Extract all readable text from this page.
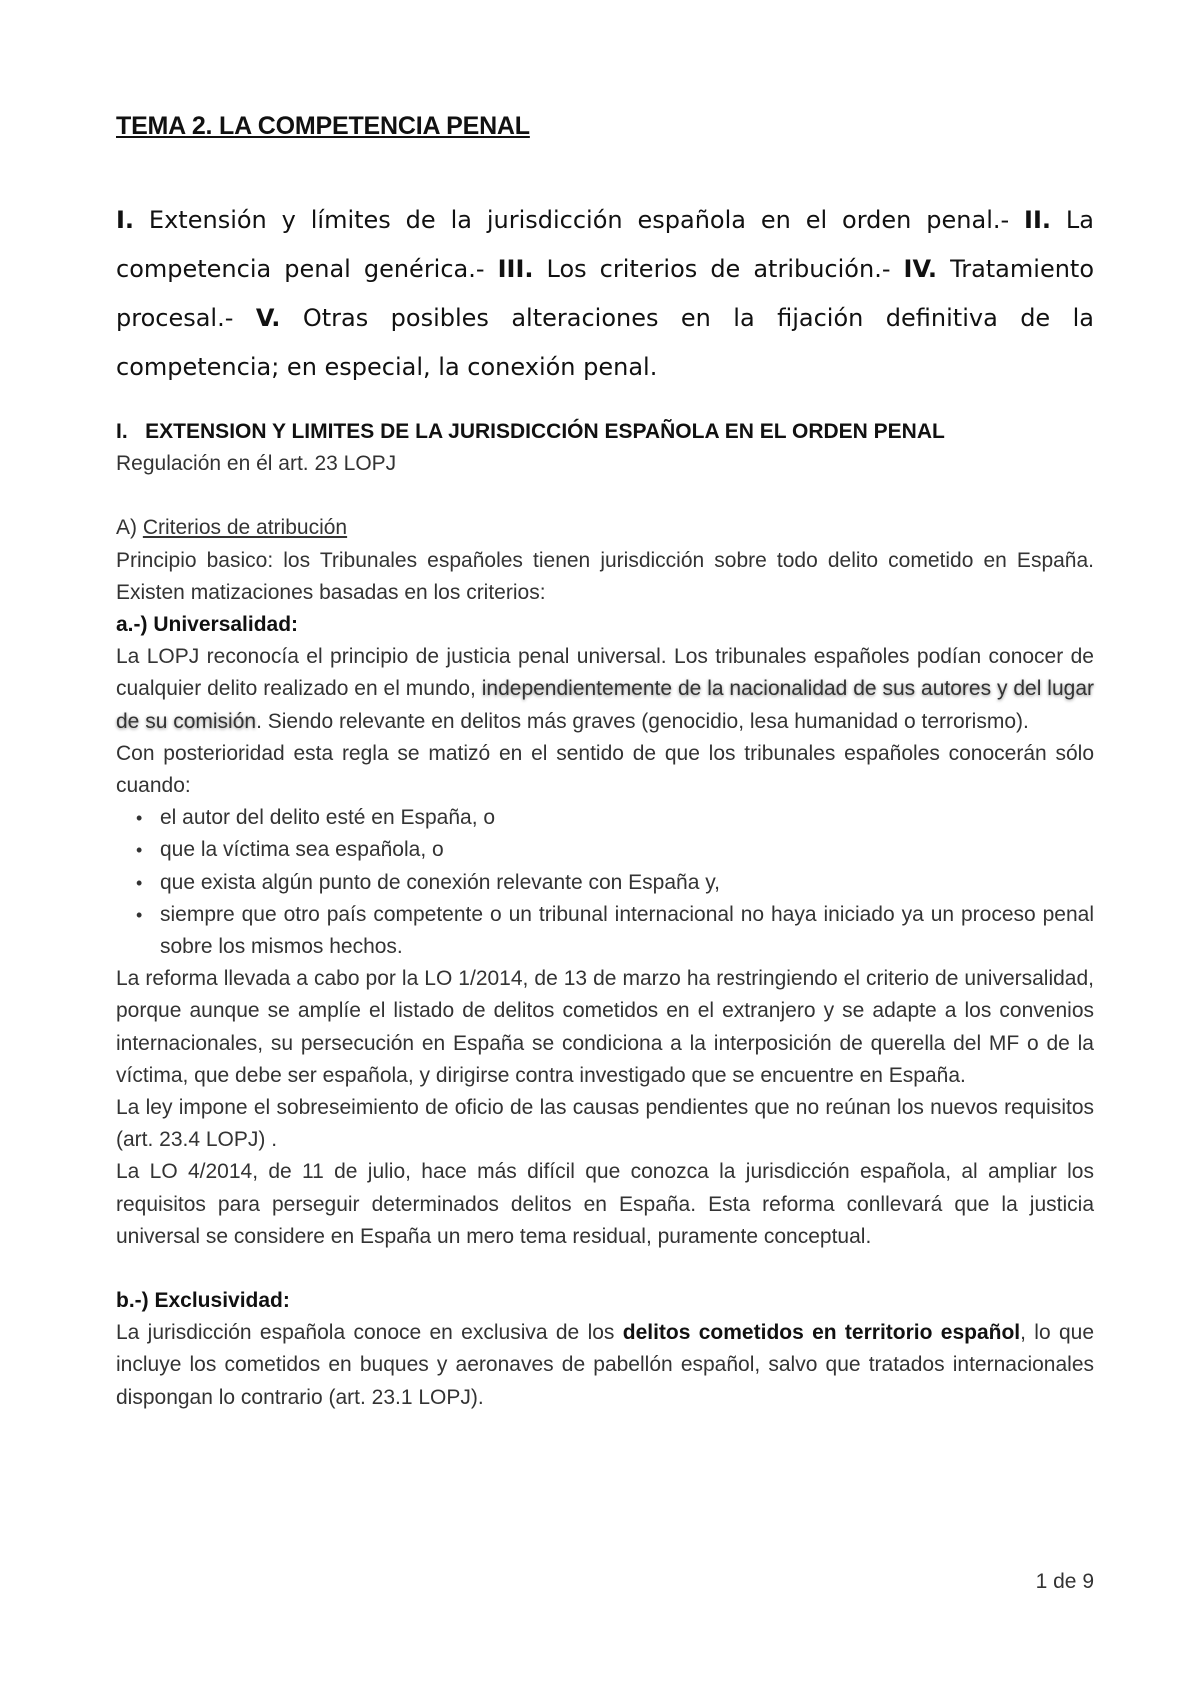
TEMA 2. LA COMPETENCIA PENAL

I. Extensión y límites de la jurisdicción española en el orden penal.- II. La competencia penal genérica.- III. Los criterios de atribución.- IV. Tratamiento procesal.- V. Otras posibles alteraciones en la fijación definitiva de la competencia; en especial, la conexión penal.

I.   EXTENSION Y LIMITES DE LA JURISDICCIÓN ESPAÑOLA EN EL ORDEN PENAL

Regulación en él art. 23 LOPJ

A) Criterios de atribución

Principio basico: los Tribunales españoles tienen jurisdicción sobre todo delito cometido en España. Existen matizaciones basadas en los criterios:

a.-) Universalidad:

La LOPJ reconocía el principio de justicia penal universal. Los tribunales españoles podían conocer de cualquier delito realizado en el mundo, independientemente de la nacionalidad de sus autores y del lugar de su comisión. Siendo relevante en delitos más graves (genocidio, lesa humanidad o terrorismo).

Con posterioridad esta regla se matizó en el sentido de que los tribunales españoles conocerán sólo cuando:

• el autor del delito esté en España, o
• que la víctima sea española, o
• que exista algún punto de conexión relevante con España y,
• siempre que otro país competente o un tribunal internacional no haya iniciado ya un proceso penal sobre los mismos hechos.

La reforma llevada a cabo por la LO 1/2014, de 13 de marzo ha restringiendo el criterio de universalidad, porque aunque se amplíe el listado de delitos cometidos en el extranjero y se adapte a los convenios internacionales, su persecución en España se condiciona a la interposición de querella del MF o de la víctima, que debe ser española, y dirigirse contra investigado que se encuentre en España.

La ley impone el sobreseimiento de oficio de las causas pendientes que no reúnan los nuevos requisitos (art. 23.4 LOPJ) .

La LO 4/2014, de 11 de julio, hace más difícil que conozca la jurisdicción española, al ampliar los requisitos para perseguir determinados delitos en España. Esta reforma conllevará que la justicia universal se considere en España un mero tema residual, puramente conceptual.

b.-) Exclusividad:

La jurisdicción española conoce en exclusiva de los delitos cometidos en territorio español, lo que incluye los cometidos en buques y aeronaves de pabellón español, salvo que tratados internacionales dispongan lo contrario (art. 23.1 LOPJ).

1 de 9
